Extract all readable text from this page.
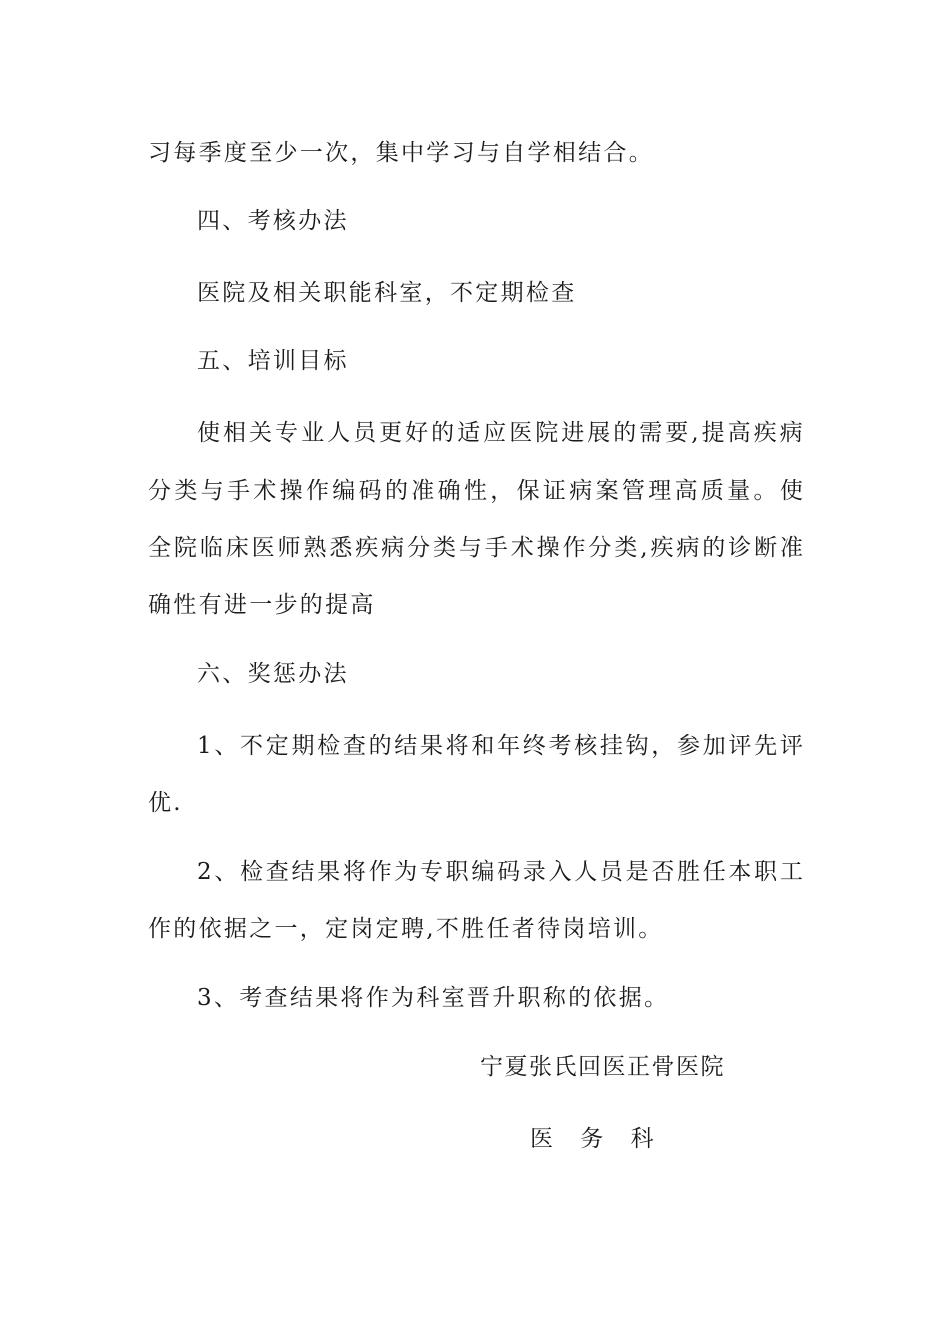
习每季度至少一次，集中学习与自学相结合。
四、考核办法
医院及相关职能科室，不定期检查
五、培训目标
使 相 关 专 业 人 员 更 好 的 适 应 医 院 进 展 的 需 要 , 提 高 疾 病
分 类 与 手 术 操 作 编 码 的 准 确 性 ， 保 证 病 案 管 理 高 质 量 。 使
全 院 临 床 医 师 熟 悉 疾 病 分 类 与 手 术 操 作 分 类 , 疾 病 的 诊 断 准
确性有进一步的提高
六、奖惩办法
1 、 不 定 期 检 查 的 结 果 将 和 年 终 考 核 挂 钩 ， 参 加 评 先 评
优.
2 、 检 查 结 果 将 作 为 专 职 编 码 录 入 人 员 是 否 胜 任 本 职 工
作的依据之一，定岗定聘,不胜任者待岗培训。
3、考查结果将作为科室晋升职称的依据。
宁夏张氏回医正骨医院
医 务 科
